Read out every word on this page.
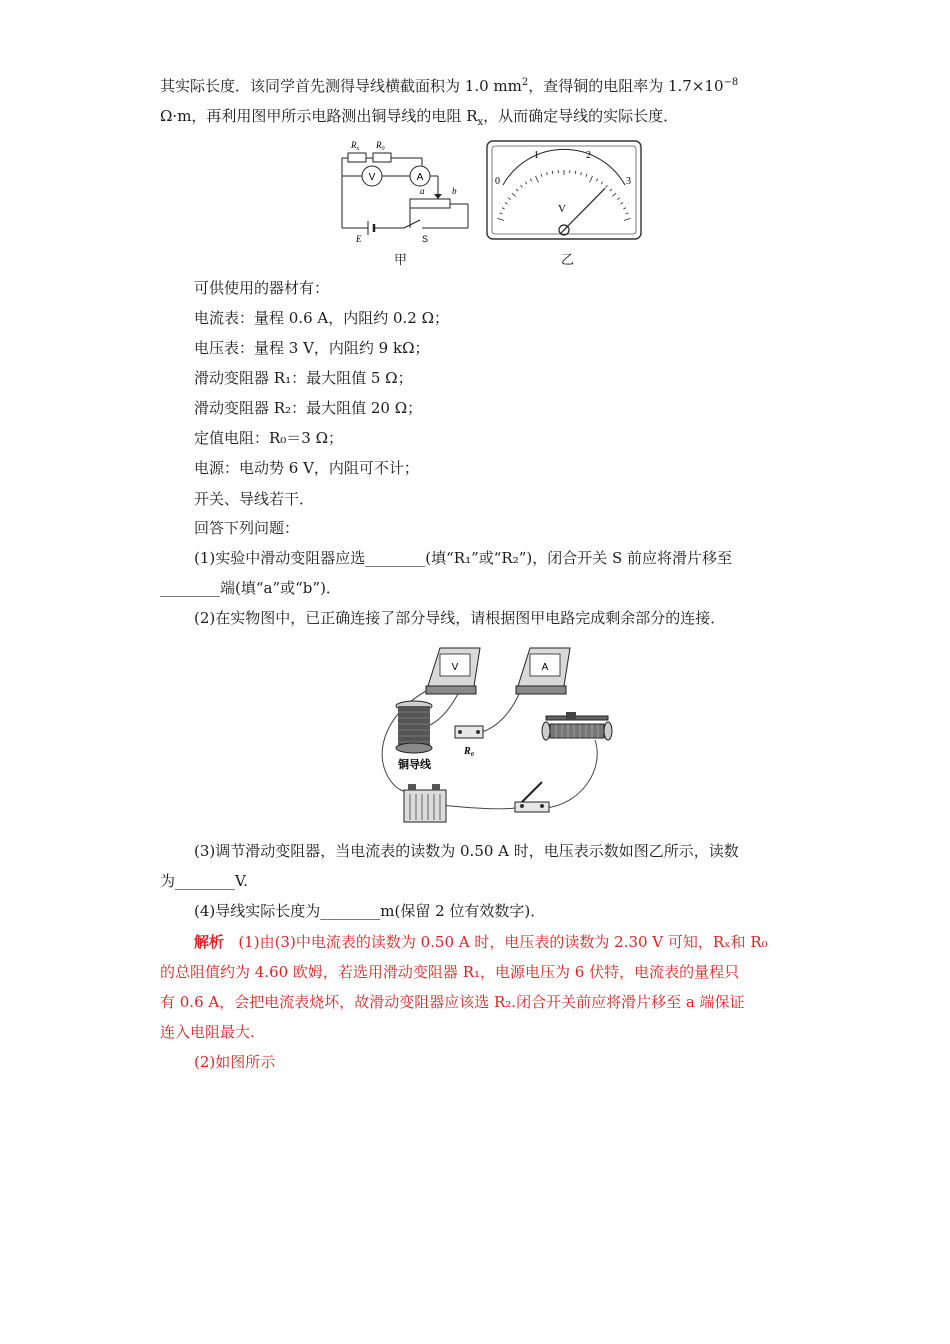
其实际长度．该同学首先测得导线横截面积为 1.0 $mm^2$，查得铜的电阻率为 $1.7\times 10^{-8}$
Ω·m，再利用图甲所示电路测出铜导线的电阻 $R_x$，从而确定导线的实际长度．
$R_x$ $R_0$
V	A
a	b
E	S
甲
0
1	2
3
V
乙
可供使用的器材有：
电流表：量程 0.6 A，内阻约 0.2 Ω；
电压表：量程 3 V，内阻约 9 kΩ；
滑动变阻器 R₁：最大阻值 5 Ω；
滑动变阻器 R₂：最大阻值 20 Ω；
定值电阻：R₀＝3 Ω；
电源：电动势 6 V，内阻可不计；
开关、导线若干．
回答下列问题：
(1)实验中滑动变阻器应选________(填“R₁”或“R₂”)，闭合开关 S 前应将滑片移至
________端(填“a”或“b”)．
(2)在实物图中，已正确连接了部分导线，请根据图甲电路完成剩余部分的连接．
V	A
铜导线
R₀
(3)调节滑动变阻器，当电流表的读数为 0.50 A 时，电压表示数如图乙所示，读数
为________V.
(4)导线实际长度为________m(保留 2 位有效数字)．
解析 (1)由(3)中电流表的读数为 0.50 A 时，电压表的读数为 2.30 V 可知，Rₓ和 R₀
的总阻值约为 4.60 欧姆，若选用滑动变阻器 R₁，电源电压为 6 伏特，电流表的量程只
有 0.6 A，会把电流表烧坏，故滑动变阻器应该选 R₂.闭合开关前应将滑片移至 a 端保证
连入电阻最大.
(2)如图所示
